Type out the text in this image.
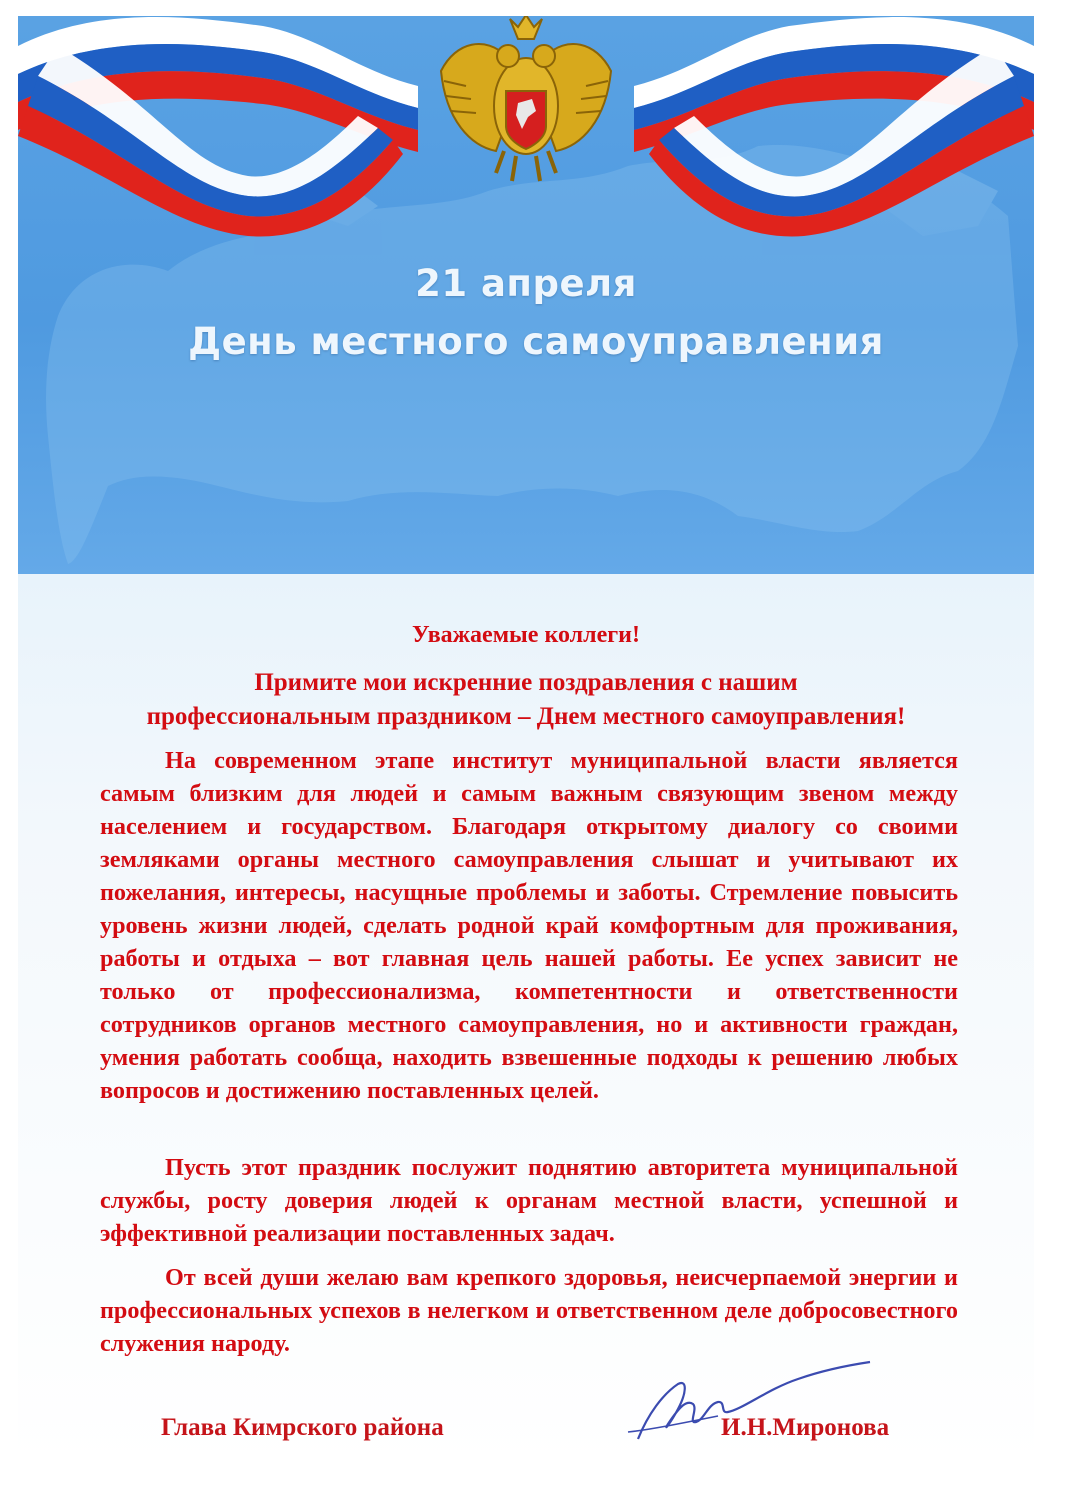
21 апреля
День местного самоуправления
Уважаемые коллеги!
Примите мои искренние поздравления с нашим
профессиональным праздником – Днем местного самоуправления!
На современном этапе институт муниципальной власти является самым близким для людей и самым важным связующим звеном между населением и государством. Благодаря открытому диалогу со своими земляками органы местного самоуправления слышат и учитывают их пожелания, интересы, насущные проблемы и заботы. Стремление повысить уровень жизни людей, сделать родной край комфортным для проживания, работы и отдыха – вот главная цель нашей работы. Ее успех зависит не только от профессионализма, компетентности и ответственности сотрудников органов местного самоуправления, но и активности граждан, умения работать сообща, находить взвешенные подходы к решению любых вопросов и достижению поставленных целей.
Пусть этот праздник послужит поднятию авторитета муниципальной службы, росту доверия людей к органам местной власти, успешной и эффективной реализации поставленных задач.
От всей души желаю вам крепкого здоровья, неисчерпаемой энергии и профессиональных успехов в нелегком и ответственном деле добросовестного служения народу.
Глава Кимрского района	И.Н.Миронова
